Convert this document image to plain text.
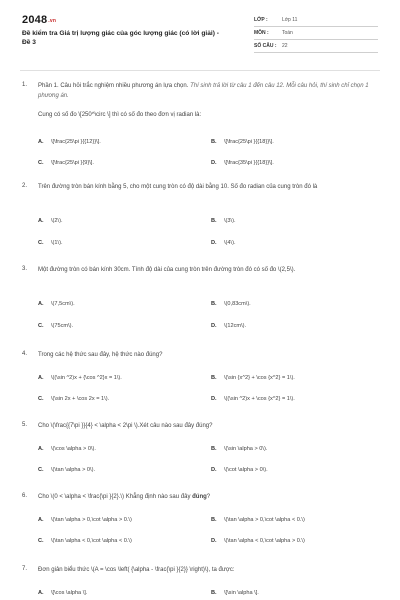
$2048^{.vn}$
Đề kiểm tra Giá trị lượng giác của góc lượng giác (có lời giải) - Đề 3
LỚP :	Lớp 11
MÔN :	Toán
SỐ CÂU : 22
1. Phần 1. Câu hỏi trắc nghiệm nhiều phương án lựa chọn. Thí sinh trả lời từ câu 1 đến câu 12. Mỗi câu hỏi, thí sinh chỉ chọn 1 phương án.
Cung có số đo \[250^\circ \] thì có số đo theo đơn vị radian là:
A. \[\frac{25\pi }{{12}}\].	B. \[\frac{25\pi }{{18}}\].
C. \[\frac{25\pi }{9}\].	D. \[\frac{35\pi }{{18}}\].
2. Trên đường tròn bán kính bằng 5, cho một cung tròn có độ dài bằng 10. Số đo radian của cung tròn đó là
A. \(2\).	B. \(3\).
C. \(1\).	D. \(4\).
3. Một đường tròn có bán kính 30cm. Tính độ dài của cung tròn trên đường tròn đó có số đo \(2,5\).
A. \(7,5cm\).	B. \(0,83cm\).
C. \(75cm\).	D. \(12cm\).
4. Trong các hệ thức sau đây, hệ thức nào đúng?
A. \((\sin ^2)x + {\cos ^2}x = 1\).	B. \(\sin {x^2} + \cos {x^2} = 1\).
C. \(\sin 2x + \cos 2x = 1\).	D. \((\sin ^2)x + \cos {x^2} = 1\).
5. Cho \(\frac{{7\pi }}{4} < \alpha < 2\pi \).Xét câu nào sau đây đúng?
A. \(\cos \alpha > 0\).	B. \(\sin \alpha > 0\).
C. \(\tan \alpha > 0\).	D. \(\cot \alpha > 0\).
6. Cho \(0 < \alpha < \frac{\pi }{2}.\) Khẳng định nào sau đây đúng?
A. \(\tan \alpha > 0,\cot \alpha > 0.\)	B. \(\tan \alpha > 0,\cot \alpha < 0.\)
C. \(\tan \alpha < 0,\cot \alpha < 0.\)	D. \(\tan \alpha < 0,\cot \alpha > 0.\)
7. Đơn giản biểu thức \(A = \cos \left( {\alpha - \frac{\pi }{2}} \right)\), ta được:
A. \[\cos \alpha \].	B. \[\sin \alpha \].
